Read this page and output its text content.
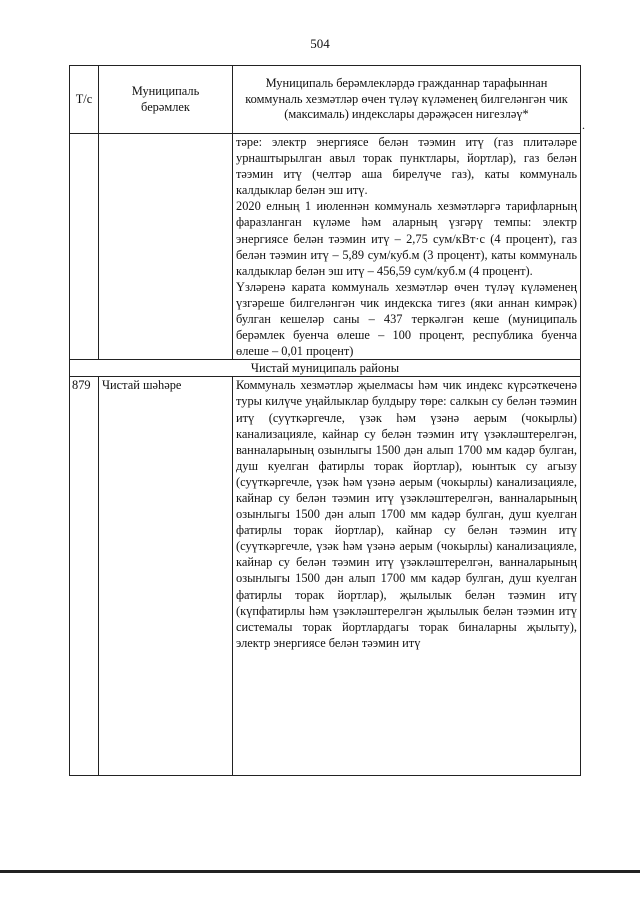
504
Т/с	Муниципаль берәмлек	Муниципаль берәмлекләрдә гражданнар тарафыннан коммуналь хезмәтләр өчен түләү күләменең билгеләнгән чик (максималь) индекслары дәрәҗәсен нигезләү*

		тәре: электр энергиясе белән тәэмин итү (газ плитәләре урнаштырылган авыл торак пунктлары, йортлар), газ белән тәэмин итү (челтәр аша бирелүче газ), каты коммуналь калдыклар белән эш итү.

2020 елның 1 июленнән коммуналь хезмәтләргә тарифларның фаразланган күләме һәм аларның үзгәрү темпы: электр энергиясе белән тәэмин итү – 2,75 сум/кВт·с (4 процент), газ белән тәэмин итү – 5,89 сум/куб.м (3 процент), каты коммуналь калдыклар белән эш итү – 456,59 сум/куб.м (4 процент).

Үзләренә карата коммуналь хезмәтләр өчен түләү күләменең үзгәреше билгеләнгән чик индекска тигез (яки аннан кимрәк) булган кешеләр саны – 437 теркәлгән кеше (муниципаль берәмлек буенча өлеше – 100 процент, республика буенча өлеше – 0,01 процент)

Чистай муниципаль районы		
879	Чистай шәһәре	Коммуналь хезмәтләр җыелмасы һәм чик индекс күрсәткеченә туры килүче уңайлыклар булдыру төре: салкын су белән тәэмин итү (суүткәргечле, үзәк һәм үзәнә аерым (чокырлы) канализацияле, кайнар су белән тәэмин итү үзәкләштерелгән, ванналарының озынлыгы 1500 дән алып 1700 мм кадәр булган, душ куелган фатирлы торак йортлар), юынтык су агызу (суүткәргечле, үзәк һәм үзәнә аерым (чокырлы) канализацияле, кайнар су белән тәэмин итү үзәкләштерелгән, ванналарының озынлыгы 1500 дән алып 1700 мм кадәр булган, душ куелган фатирлы торак йортлар), кайнар су белән тәэмин итү (суүткәргечле, үзәк һәм үзәнә аерым (чокырлы) канализацияле, кайнар су белән тәэмин итү үзәкләштерелгән, ванналарының озынлыгы 1500 дән алып 1700 мм кадәр булган, душ куелган фатирлы торак йортлар), җылылык белән тәэмин итү (күпфатирлы һәм үзәкләштерелгән җылылык белән тәэмин итү системалы торак йортлардагы торак биналарны җылыту), электр энергиясе белән тәэмин итү
.
